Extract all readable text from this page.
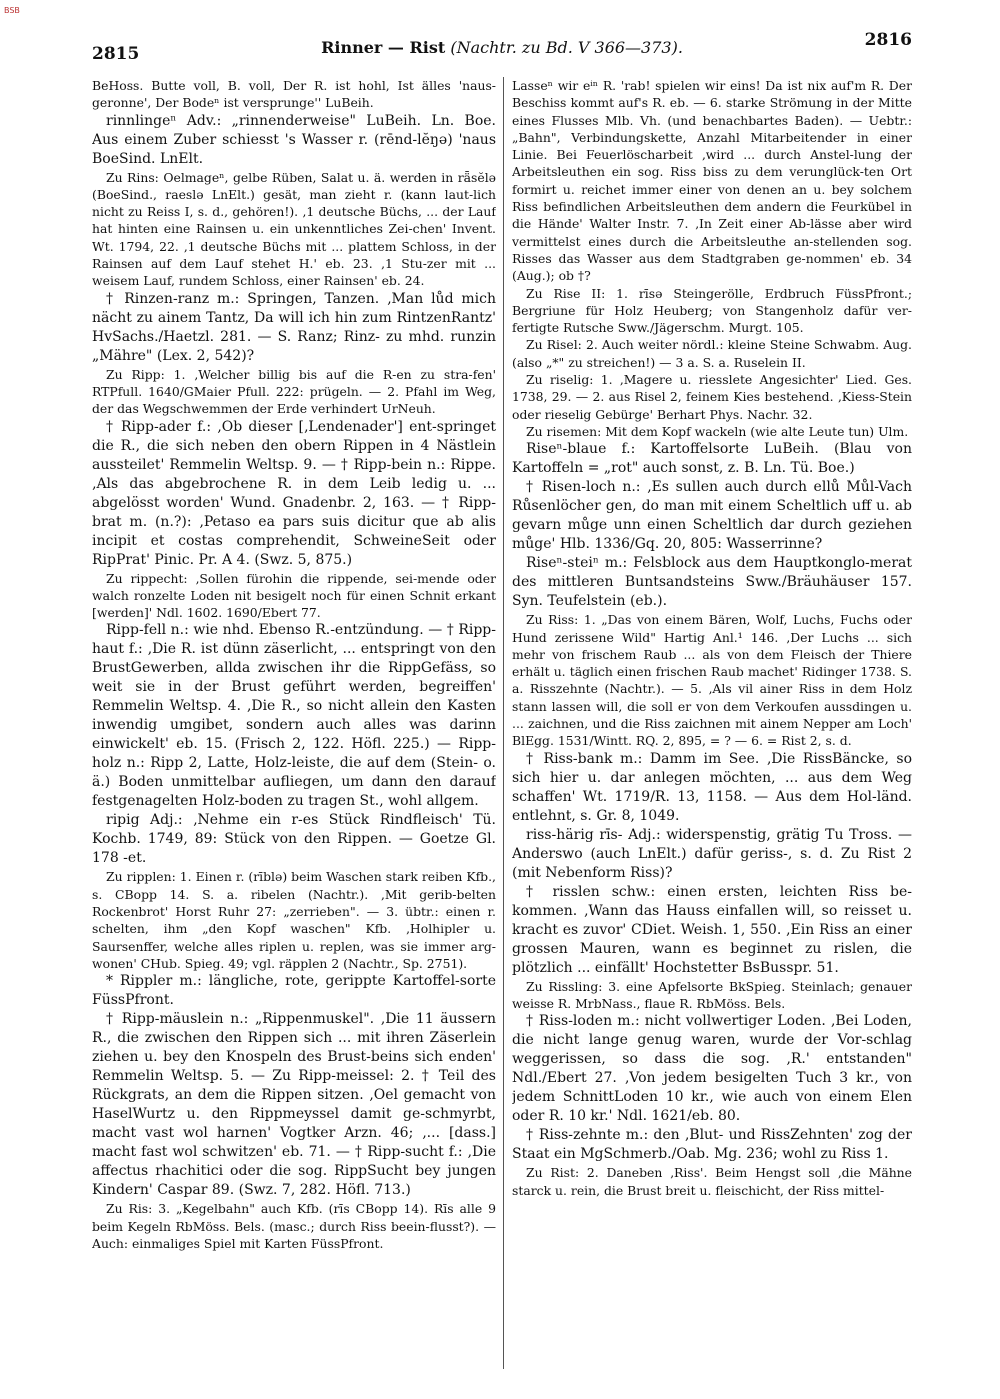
BSB
2815	Rinner — Rist (Nachtr. zu Bd. V 366—373).	2816

BeHoss. Butte voll, B. voll, Der R. ist hohl, Ist älles 'naus-geronne', Der Bodeⁿ ist versprunge'' LuBeih.

rinnlingeⁿ Adv.: „rinnenderweise" LuBeih. Ln. Boe. Aus einem Zuber schiesst 's Wasser r. (rēnd-lĕŋə) 'naus BoeSind. LnElt.

Zu Rins: Oelmageⁿ, gelbe Rüben, Salat u. ä. werden in rǟsĕlə (BoeSind., raeslə LnElt.) gesät, man zieht r. (kann laut-lich nicht zu Reiss I, s. d., gehören!). ‚1 deutsche Büchs, ... der Lauf hat hinten eine Rainsen u. ein unkenntliches Zei-chen' Invent. Wt. 1794, 22. ‚1 deutsche Büchs mit ... plattem Schloss, in der Rainsen auf dem Lauf stehet H.' eb. 23. ‚1 Stu-zer mit ... weisem Lauf, rundem Schloss, einer Rainsen' eb. 24.

† Rinzen-ranz m.: Springen, Tanzen. ‚Man lůd mich nächt zu ainem Tantz, Da will ich hin zum RintzenRantz' HvSachs./Haetzl. 281. — S. Ranz; Rinz- zu mhd. runzin „Mähre" (Lex. 2, 542)?

Zu Ripp: 1. ‚Welcher billig bis auf die R-en zu stra-fen' RTPfull. 1640/GMaier Pfull. 222: prügeln. — 2. Pfahl im Weg, der das Wegschwemmen der Erde verhindert UrNeuh.

† Ripp-ader f.: ‚Ob dieser [‚Lendenader'] ent-springet die R., die sich neben den obern Rippen in 4 Nästlein aussteilet' Remmelin Weltsp. 9. — † Ripp-bein n.: Rippe. ‚Als das abgebrochene R. in dem Leib ledig u. ... abgelösst worden' Wund. Gnadenbr. 2, 163. — † Ripp-brat m. (n.?): ‚Petaso ea pars suis dicitur que ab alis incipit et costas comprehendit, SchweineSeit oder RipPrat' Pinic. Pr. A 4. (Swz. 5, 875.)

Zu rippecht: ‚Sollen fürohin die rippende, sei-mende oder walch ronzelte Loden nit besigelt noch für einen Schnit erkant [werden]' Ndl. 1602. 1690/Ebert 77.

Ripp-fell n.: wie nhd. Ebenso R.-entzündung. — † Ripp-haut f.: ‚Die R. ist dünn zäserlicht, ... entspringt von den BrustGewerben, allda zwischen ihr die RippGefäss, so weit sie in der Brust geführt werden, begreiffen' Remmelin Weltsp. 4. ‚Die R., so nicht allein den Kasten inwendig umgibet, sondern auch alles was darinn einwickelt' eb. 15. (Frisch 2, 122. Höfl. 225.) — Ripp-holz n.: Ripp 2, Latte, Holz-leiste, die auf dem (Stein- o. ä.) Boden unmittelbar aufliegen, um dann den darauf festgenagelten Holz-boden zu tragen St., wohl allgem.

ripig Adj.: ‚Nehme ein r-es Stück Rindfleisch' Tü. Kochb. 1749, 89: Stück von den Rippen. — Goetze Gl. 178 -et.

Zu ripplen: 1. Einen r. (rīblə) beim Waschen stark reiben Kfb., s. CBopp 14. S. a. ribelen (Nachtr.). ‚Mit gerib-belten Rockenbrot' Horst Ruhr 27: „zerrieben". — 3. übtr.: einen r. schelten, ihm „den Kopf waschen" Kfb. ‚Holhipler u. Saursenffer, welche alles riplen u. replen, was sie immer arg-wonen' CHub. Spieg. 49; vgl. räpplen 2 (Nachtr., Sp. 2751).

* Rippler m.: längliche, rote, gerippte Kartoffel-sorte FüssPfront.

† Ripp-mäuslein n.: „Rippenmuskel". ‚Die 11 äussern R., die zwischen den Rippen sich ... mit ihren Zäserlein ziehen u. bey den Knospeln des Brust-beins sich enden' Remmelin Weltsp. 5. — Zu Ripp-meissel: 2. † Teil des Rückgrats, an dem die Rippen sitzen. ‚Oel gemacht von HaselWurtz u. den Rippmeyssel damit ge-schmyrbt, macht vast wol harnen' Vogtker Arzn. 46; ‚... [dass.] macht fast wol schwitzen' eb. 71. — † Ripp-sucht f.: ‚Die affectus rhachitici oder die sog. RippSucht bey jungen Kindern' Caspar 89. (Swz. 7, 282. Höfl. 713.)

Zu Ris: 3. „Kegelbahn" auch Kfb. (rīs CBopp 14). Rīs alle 9 beim Kegeln RbMöss. Bels. (masc.; durch Riss beein-flusst?). — Auch: einmaliges Spiel mit Karten FüssPfront.

Lasseⁿ wir eⁱⁿ R. 'rab! spielen wir eins! Da ist nix auf'm R. Der Beschiss kommt auf's R. eb. — 6. starke Strömung in der Mitte eines Flusses Mlb. Vh. (und benachbartes Baden). — Uebtr.: „Bahn", Verbindungskette, Anzahl Mitarbeitender in einer Linie. Bei Feuerlöscharbeit ‚wird ... durch Anstel-lung der Arbeitsleuthen ein sog. Riss biss zu dem verunglück-ten Ort formirt u. reichet immer einer von denen an u. bey solchem Riss befindlichen Arbeitsleuthen dem andern die Feurkübel in die Hände' Walter Instr. 7. ‚In Zeit einer Ab-lässe aber wird vermittelst eines durch die Arbeitsleuthe an-stellenden sog. Risses das Wasser aus dem Stadtgraben ge-nommen' eb. 34 (Aug.); ob †?

Zu Rise II: 1. rīsə Steingerölle, Erdbruch FüssPfront.; Bergriune für Holz Heuberg; von Stangenholz dafür ver-fertigte Rutsche Sww./Jägerschm. Murgt. 105.

Zu Risel: 2. Auch weiter nördl.: kleine Steine Schwabm. Aug. (also „*" zu streichen!) — 3 a. S. a. Ruselein II.

Zu riselig: 1. ‚Magere u. riesslete Angesichter' Lied. Ges. 1738, 29. — 2. aus Risel 2, feinem Kies bestehend. ‚Kiess-Stein oder rieselig Gebürge' Berhart Phys. Nachr. 32.

Zu risemen: Mit dem Kopf wackeln (wie alte Leute tun) Ulm.

Riseⁿ-blaue f.: Kartoffelsorte LuBeih. (Blau von Kartoffeln = „rot" auch sonst, z. B. Ln. Tü. Boe.)

† Risen-loch n.: ‚Es sullen auch durch ellů Můl-Vach Růsenlöcher gen, do man mit einem Scheltlich uff u. ab gevarn můge unn einen Scheltlich dar durch geziehen můge' Hlb. 1336/Gq. 20, 805: Wasserrinne?

Riseⁿ-steiⁿ m.: Felsblock aus dem Hauptkonglo-merat des mittleren Buntsandsteins Sww./Bräuhäuser 157. Syn. Teufelstein (eb.).

Zu Riss: 1. „Das von einem Bären, Wolf, Luchs, Fuchs oder Hund zerissene Wild" Hartig Anl.¹ 146. ‚Der Luchs ... sich mehr von frischem Raub ... als von dem Fleisch der Thiere erhält u. täglich einen frischen Raub machet' Ridinger 1738. S. a. Risszehnte (Nachtr.). — 5. ‚Als vil ainer Riss in dem Holz stann lassen will, die soll er von dem Verkoufen aussdingen u. ... zaichnen, und die Riss zaichnen mit ainem Nepper am Loch' BlEgg. 1531/Wintt. RQ. 2, 895, = ? — 6. = Rist 2, s. d.

† Riss-bank m.: Damm im See. ‚Die RissBäncke, so sich hier u. dar anlegen möchten, ... aus dem Weg schaffen' Wt. 1719/R. 13, 1158. — Aus dem Hol-länd. entlehnt, s. Gr. 8, 1049.

riss-härig rīs- Adj.: widerspenstig, grätig Tu Tross. — Anderswo (auch LnElt.) dafür geriss-, s. d. Zu Rist 2 (mit Nebenform Riss)?

† risslen schw.: einen ersten, leichten Riss be-kommen. ‚Wann das Hauss einfallen will, so reisset u. kracht es zuvor' CDiet. Weish. 1, 550. ‚Ein Riss an einer grossen Mauren, wann es beginnet zu rislen, die plötzlich ... einfällt' Hochstetter BsBusspr. 51.

Zu Rissling: 3. eine Apfelsorte BkSpieg. Steinlach; genauer weisse R. MrbNass., flaue R. RbMöss. Bels.

† Riss-loden m.: nicht vollwertiger Loden. ‚Bei Loden, die nicht lange genug waren, wurde der Vor-schlag weggerissen, so dass die sog. ‚R.' entstanden" Ndl./Ebert 27. ‚Von jedem besigelten Tuch 3 kr., von jedem SchnittLoden 10 kr., wie auch von einem Elen oder R. 10 kr.' Ndl. 1621/eb. 80.

† Riss-zehnte m.: den ‚Blut- und RissZehnten' zog der Staat ein MgSchmerb./Oab. Mg. 236; wohl zu Riss 1.

Zu Rist: 2. Daneben ‚Riss'. Beim Hengst soll ‚die Mähne starck u. rein, die Brust breit u. fleischicht, der Riss mittel-
